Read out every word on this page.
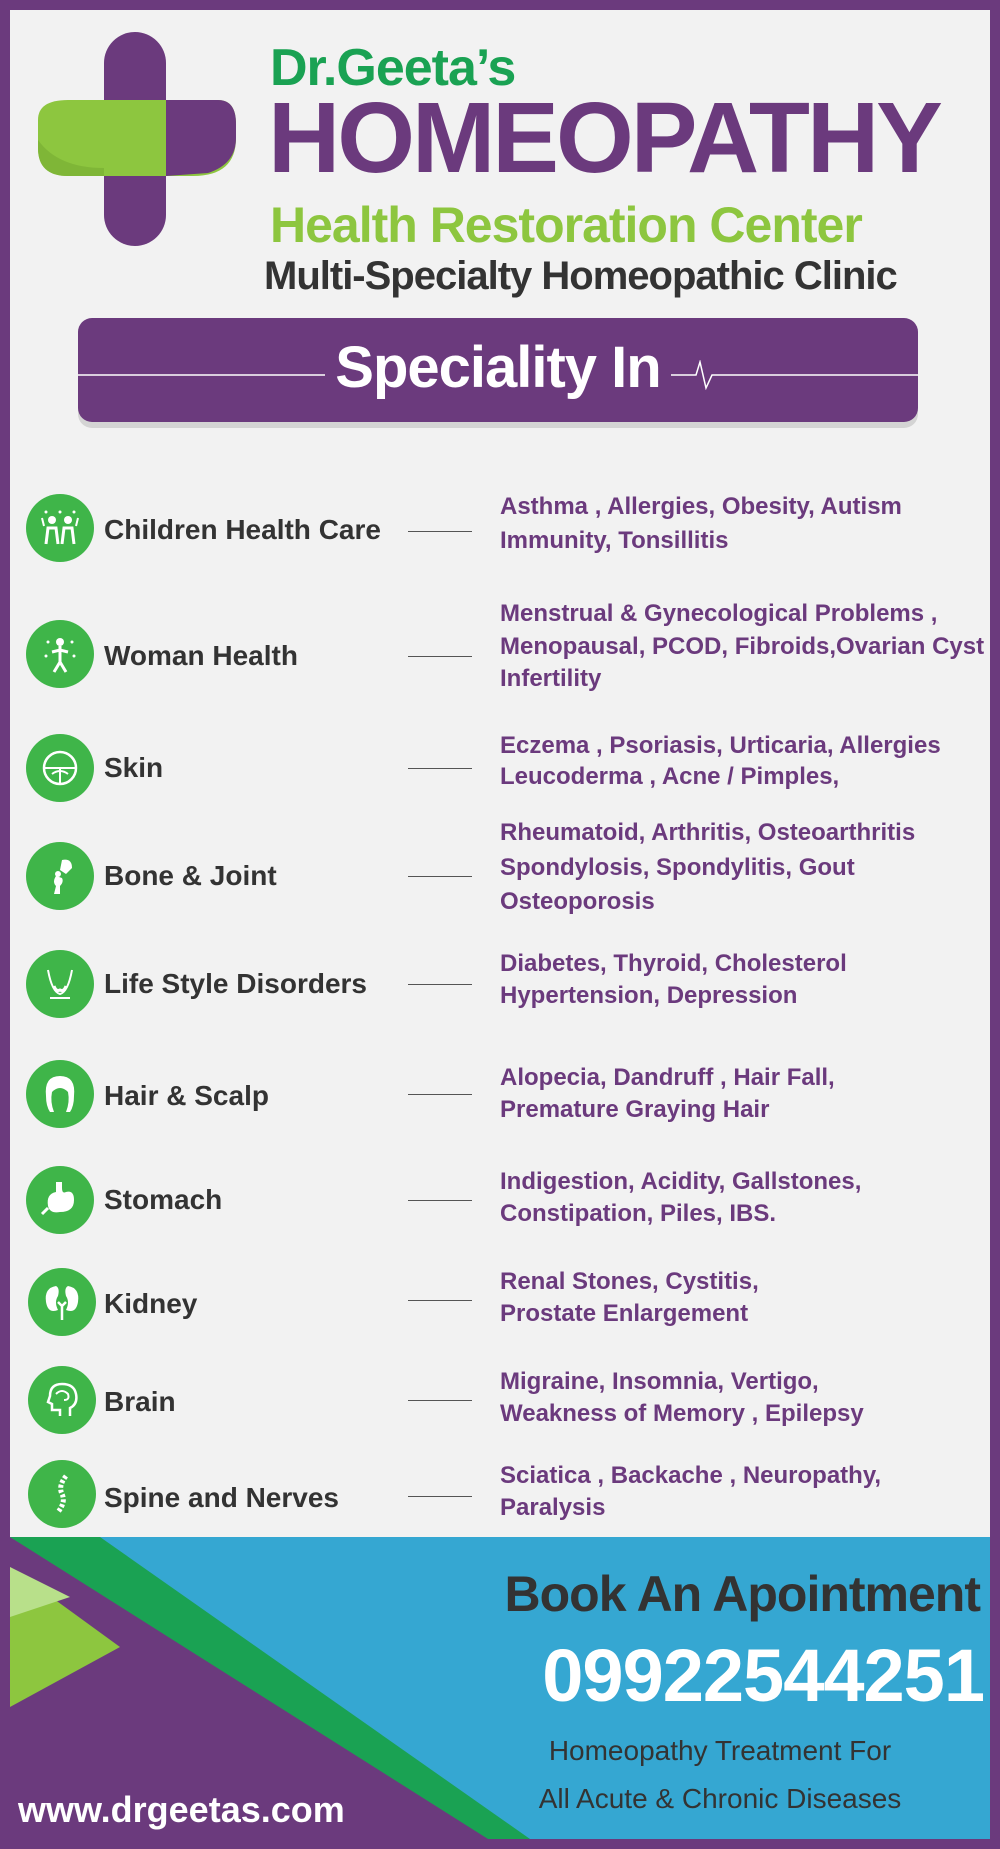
Dr.Geeta’s

HOMEOPATHY

Health Restoration Center

Multi-Specialty Homeopathic Clinic

Speciality In

Children Health Care
Asthma , Allergies, Obesity, Autism
Immunity, Tonsillitis
Woman Health
Menstrual & Gynecological Problems ,
Menopausal, PCOD, Fibroids,Ovarian Cyst
Infertility
Skin
Eczema , Psoriasis, Urticaria, Allergies
Leucoderma , Acne / Pimples,
Bone & Joint
Rheumatoid, Arthritis, Osteoarthritis
Spondylosis, Spondylitis, Gout
Osteoporosis
Life Style Disorders
Diabetes, Thyroid, Cholesterol
Hypertension, Depression
Hair & Scalp
Alopecia, Dandruff , Hair Fall,
Premature Graying Hair
Stomach
Indigestion, Acidity, Gallstones,
Constipation, Piles, IBS.
Kidney
Renal Stones, Cystitis,
Prostate Enlargement
Brain
Migraine, Insomnia, Vertigo,
Weakness of Memory , Epilepsy
Spine and Nerves
Sciatica , Backache , Neuropathy,
Paralysis

Book An Apointment

09922544251

Homeopathy Treatment For

All Acute & Chronic Diseases

www.drgeetas.com
